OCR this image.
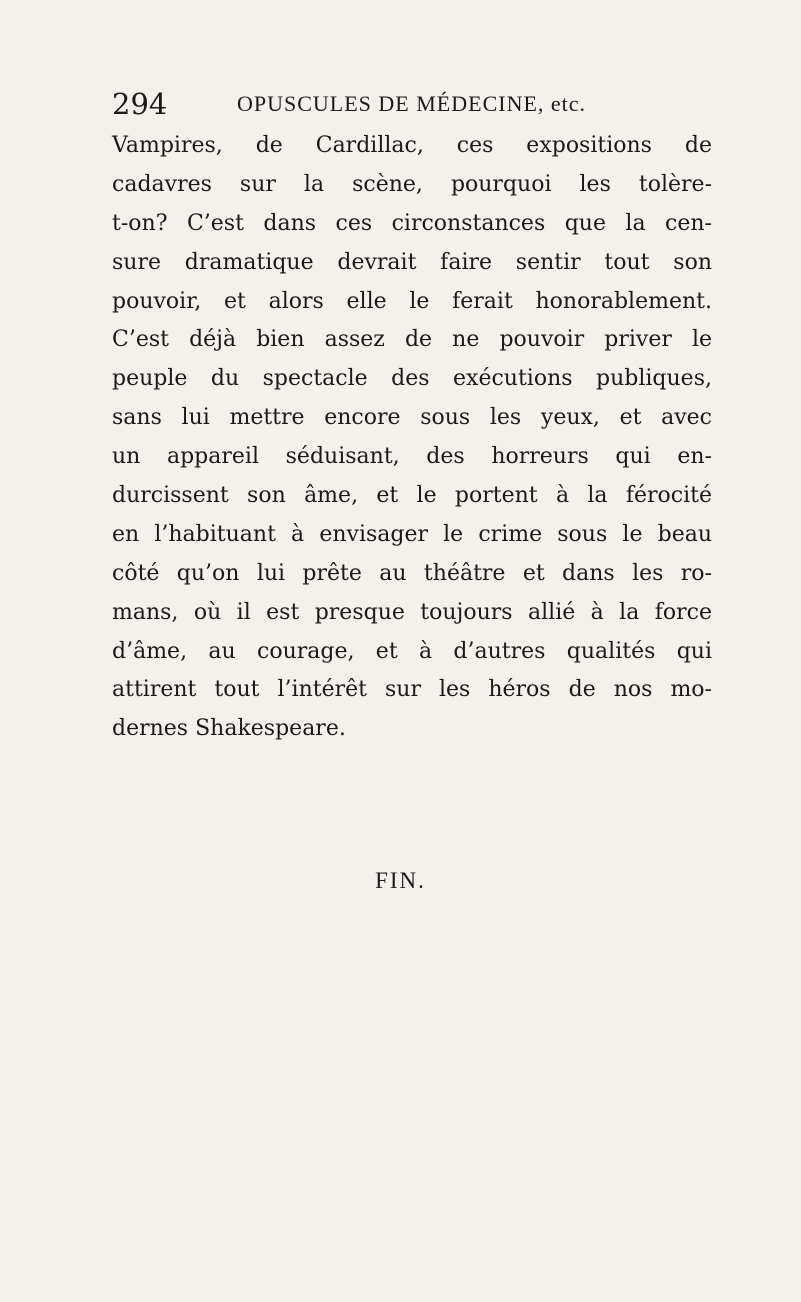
294	OPUSCULES DE MÉDECINE, etc.
Vampires, de Cardillac, ces expositions de
cadavres sur la scène, pourquoi les tolère-
t-on? C’est dans ces circonstances que la cen-
sure dramatique devrait faire sentir tout son
pouvoir, et alors elle le ferait honorablement.
C’est déjà bien assez de ne pouvoir priver le
peuple du spectacle des exécutions publiques,
sans lui mettre encore sous les yeux, et avec
un appareil séduisant, des horreurs qui en-
durcissent son âme, et le portent à la férocité
en l’habituant à envisager le crime sous le beau
côté qu’on lui prête au théâtre et dans les ro-
mans, où il est presque toujours allié à la force
d’âme, au courage, et à d’autres qualités qui
attirent tout l’intérêt sur les héros de nos mo-
dernes Shakespeare.
FIN.
